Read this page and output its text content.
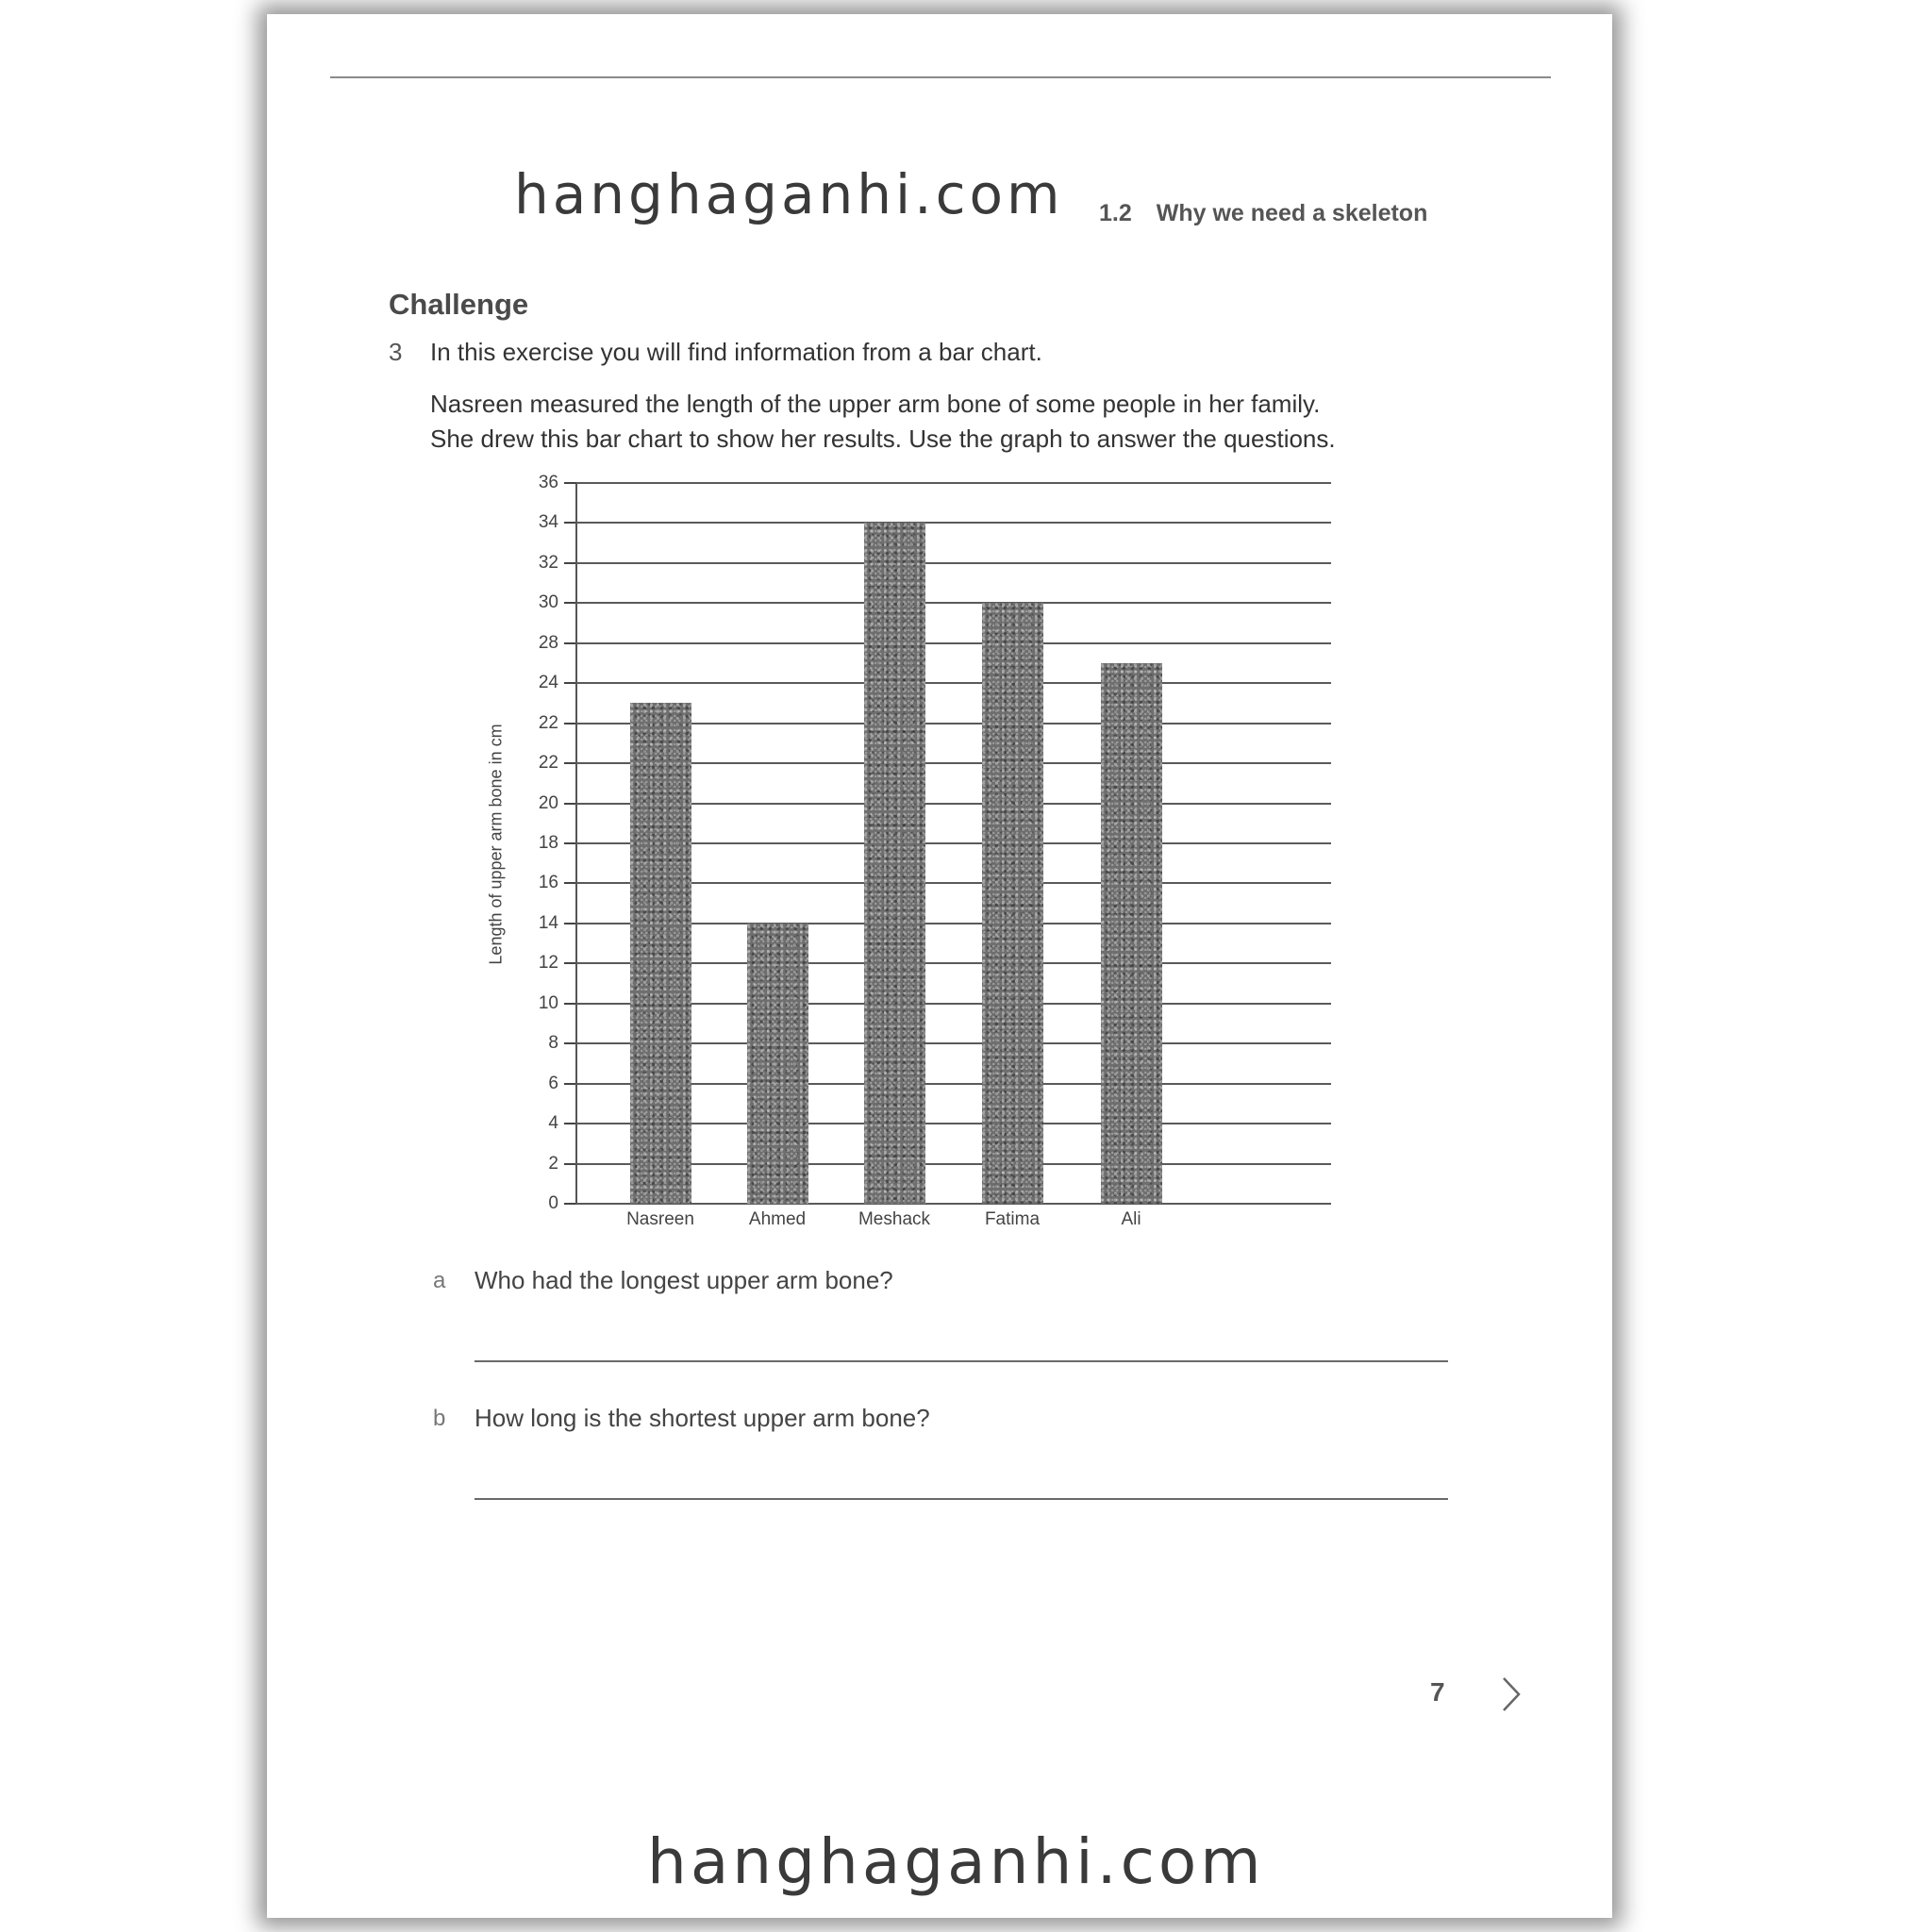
hanghaganhi.com 1.2 Why we need a skeleton
Challenge
3 In this exercise you will find information from a bar chart.
Nasreen measured the length of the upper arm bone of some people in her family.
She drew this bar chart to show her results. Use the graph to answer the questions.
36
34
32
30
28
24
22
22
20
18
16
14
12
10
8
6
4
2
0
Nasreen	Ahmed	Meshack	Fatima	Ali
Length of upper arm bone in cm
a Who had the longest upper arm bone?
b How long is the shortest upper arm bone?
7
hanghaganhi.com
